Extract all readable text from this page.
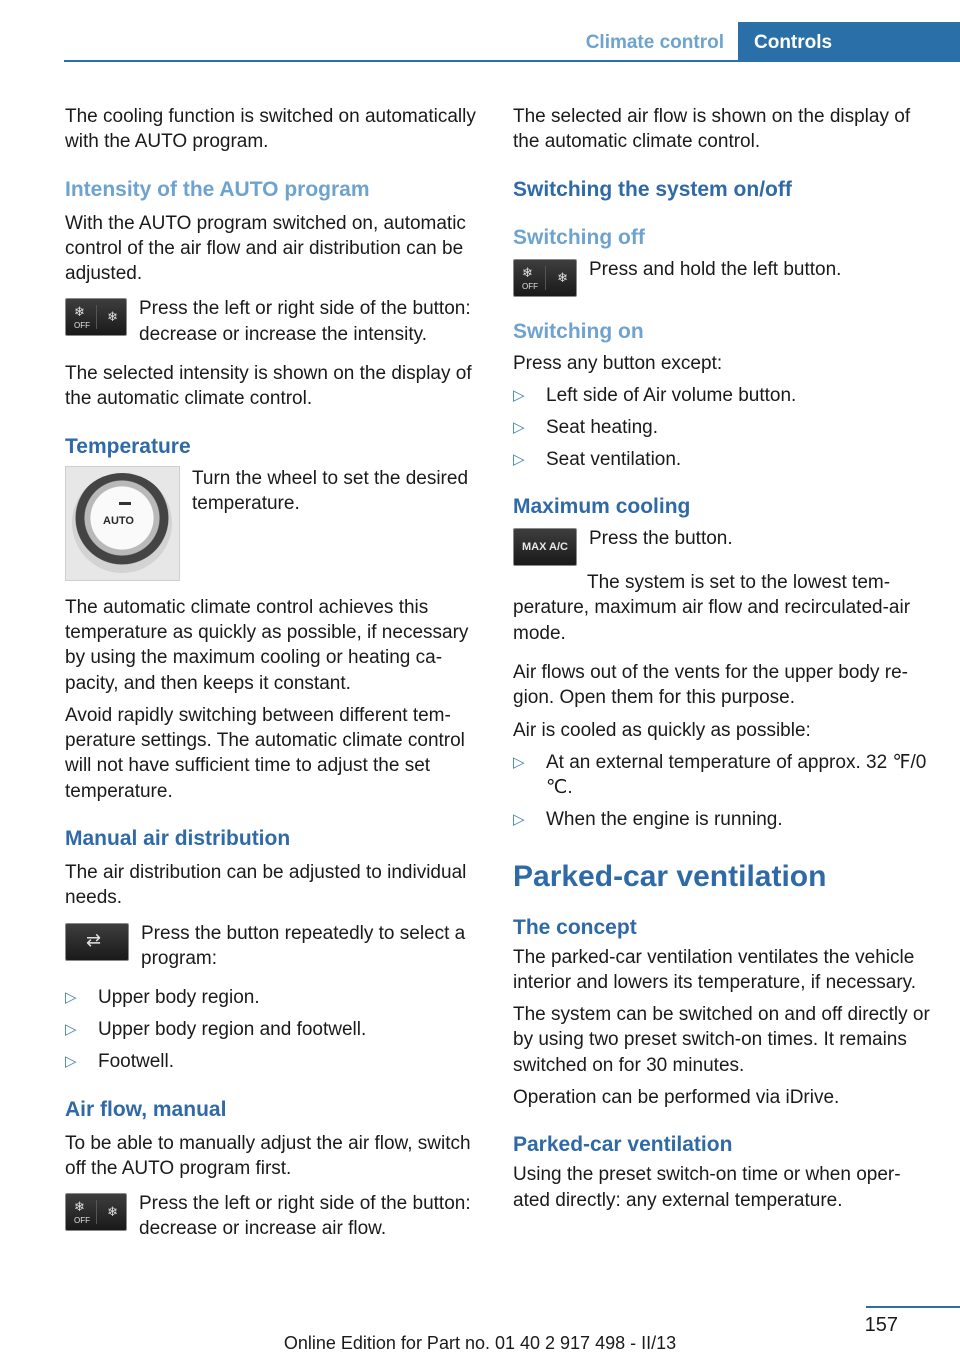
Climate control	Controls

The cooling function is switched on automatically with the AUTO program.

Intensity of the AUTO program

With the AUTO program switched on, automatic control of the air flow and air distribution can be adjusted.

❄
OFF
❄ Press the left or right side of the button: decrease or increase the intensity.

The selected intensity is shown on the display of the automatic climate control.

Temperature
AUTO

Turn the wheel to set the desired temperature.

The automatic climate control achieves this temperature as quickly as possible, if necessary by using the maximum cooling or heating capacity, and then keeps it constant.

Avoid rapidly switching between different temperature settings. The automatic climate control will not have sufficient time to adjust the set temperature.

Manual air distribution

The air distribution can be adjusted to individual needs.

⇄ Press the button repeatedly to select a program:

▷ Upper body region.
▷ Upper body region and footwell.
▷ Footwell.
Air flow, manual

To be able to manually adjust the air flow, switch off the AUTO program first.

❄
OFF
❄ Press the left or right side of the button: decrease or increase air flow.

The selected air flow is shown on the display of the automatic climate control.

Switching the system on/off
Switching off
❄
OFF
❄ Press and hold the left button.

Switching on

Press any button except:

▷ Left side of Air volume button.
▷ Seat heating.
▷ Seat ventilation.
Maximum cooling
MAX A/C	Press the button.

The system is set to the lowest temperature, maximum air flow and recirculated-air mode.

Air flows out of the vents for the upper body region. Open them for this purpose.

Air is cooled as quickly as possible:

▷ At an external temperature of approx. 32 ℉/0 ℃.
▷ When the engine is running.
Parked-car ventilation
The concept

The parked-car ventilation ventilates the vehicle interior and lowers its temperature, if necessary.

The system can be switched on and off directly or by using two preset switch-on times. It remains switched on for 30 minutes.

Operation can be performed via iDrive.

Parked-car ventilation

Using the preset switch-on time or when operated directly: any external temperature.

157
Online Edition for Part no. 01 40 2 917 498 - II/13
